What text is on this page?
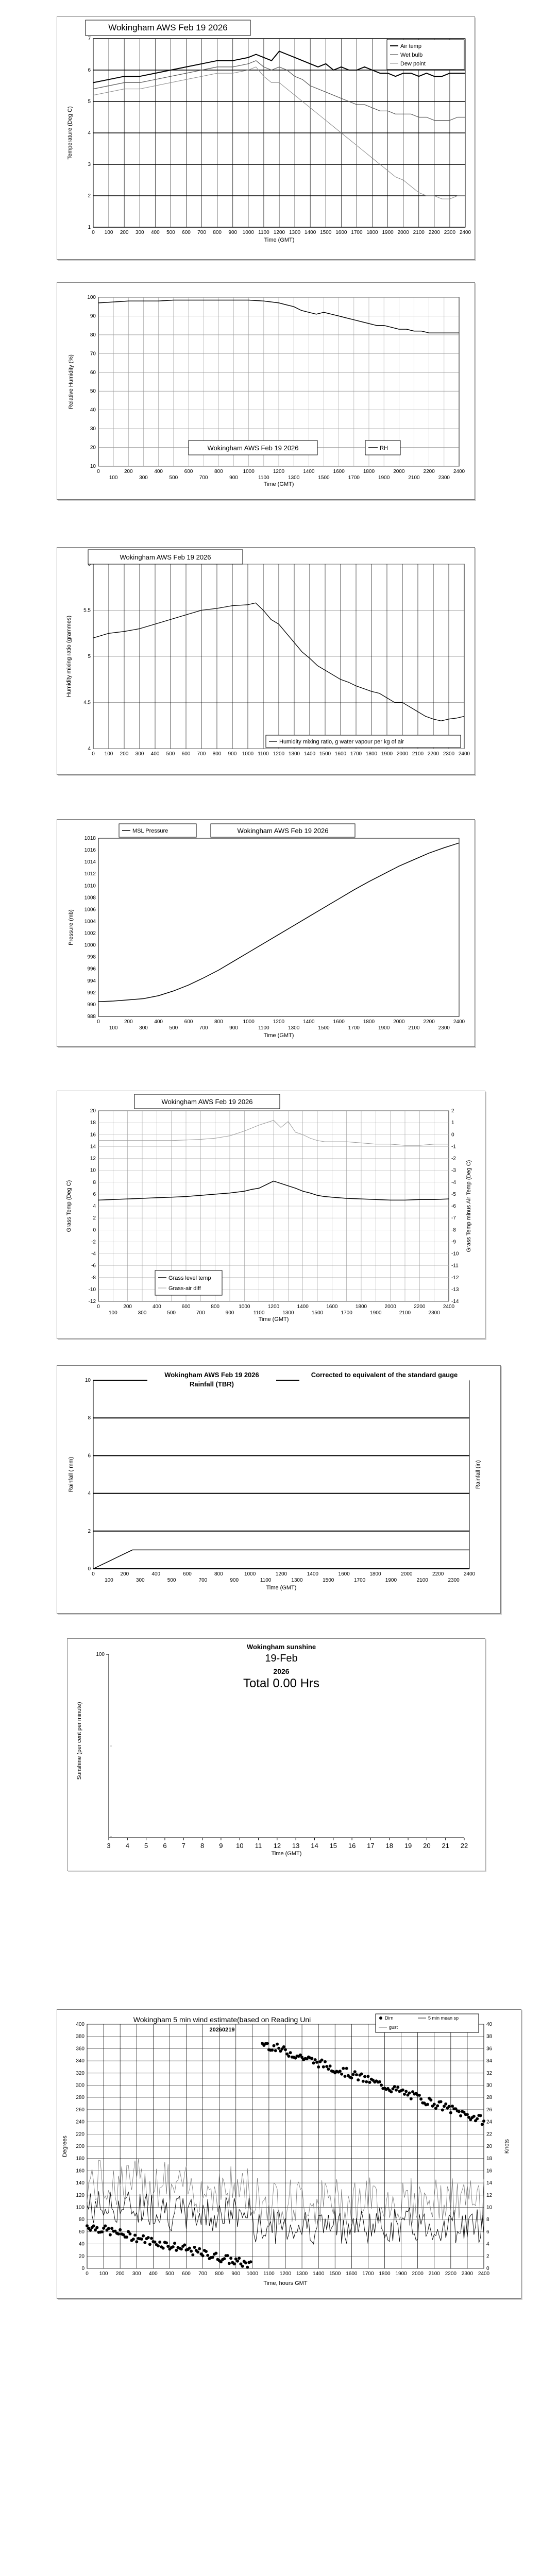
1
2
3
4
5
6
7
0 100 200 300 400 500 600 700 800 900 1000 1100 1200 1300 1400 1500 1600 1700 1800 1900 2000 2100 2200 2300 2400
Time (GMT)
Temperature (Deg C)
Wokingham AWS Feb 19 2026
Air temp
Wet bulb
Dew point
10
20
30
40
50
60
70
80
90
100
0	200	400	600	800	1000	1200	1400	1600	1800	2000	2200	2400
100	300	500	700	900	1100	1300	1500	1700	1900	2100	2300
Time (GMT)
Relative Humidity (%)
Wokingham AWS Feb 19 2026	RH
4
4.5
5
5.5
0 100 200 300 400 500 600 700 800 900 1000 1100 1200 1300 1400 1500 1600 1700 1800 1900 2000 2100 2200 2300 2400
Humidity mixing ratio (grammes)
Wokingham AWS Feb 19 2026
Humidity mixing ratio, g water vapour per kg of air
988
990
992
994
996
998
1000
1002
1004
1006
1008
1010
1012
1014
1016
1018
0	200	400	600	800	1000	1200	1400	1600	1800	2000	2200	2400
100	300	500	700	900	1100	1300	1500	1700	1900	2100	2300
Time (GMT)
Pressure (mb)
MSL Pressure	Wokingham AWS Feb 19 2026
-12
-10
-8
-6
-4
-2
0
2
4
6
8
10
12
14
16
18
20
-14
-13
-12
-11
-10
-9
-8
-7
-6
-5
-4
-3
-2
-1
0
1
2
0	200	400	600	800	1000	1200	1400	1600	1800	2000	2200	2400
100	300	500	700	900	1100	1300	1500	1700	1900	2100	2300
Time (GMT)
Grass Temp (Deg C)	Grass Temp minus Air Temp (Deg C)
Wokingham AWS Feb 19 2026
Grass level temp
Grass-air diff
0
2
4
6
8
10
0	200	400	600	800	1000	1200	1400	1600	1800	2000	2200	2400
100	300	500	700	900	1100	1300	1500	1700	1900	2100	2300
Time (GMT)
Rainfall ( mm)	Rainfall (in)
Wokingham AWS Feb 19 2026
Rainfall (TBR)
Corrected to equivalent of the standard gauge
100
3 4 5 6 7 8 9 10 11 12 13 14 15 16 17 18 19 20 21 22
Time (GMT)
Sunshine (per cent per minute)
Wokingham sunshine
19-Feb
2026
Total 0.00 Hrs
0
20
40
60
80
100
120
140
160
180
200
220
240
260
280
300
320
340
360
380
400
0
2
4
6
8
10
12
14
16
18
20
22
24
26
28
30
32
34
36
38
40
0 100 200 300 400 500 600 700 800 900 1000 1100 1200 1300 1400 1500 1600 1700 1800 1900 2000 2100 2200 2300 2400
Time, hours GMT
Degrees	Knots
Wokingham 5 min wind estimate(based on Reading Uni
20260219
Dirn	5 min mean sp
gust
